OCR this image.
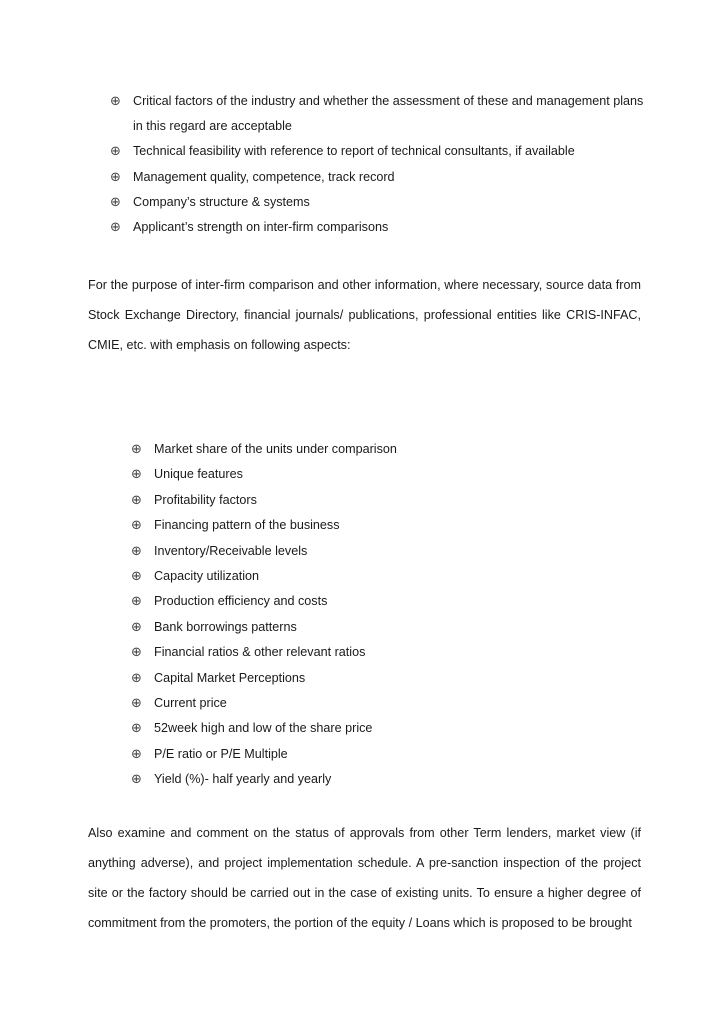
⊕ Critical factors of the industry and whether the assessment of these and management plans in this regard are acceptable
⊕ Technical feasibility with reference to report of technical consultants, if available
⊕ Management quality, competence, track record
⊕ Company’s structure & systems
⊕ Applicant’s strength on inter-firm comparisons

For the purpose of inter-firm comparison and other information, where necessary, source data from Stock Exchange Directory, financial journals/ publications, professional entities like CRIS-INFAC, CMIE, etc. with emphasis on following aspects:

⊕ Market share of the units under comparison
⊕ Unique features
⊕ Profitability factors
⊕ Financing pattern of the business
⊕ Inventory/Receivable levels
⊕ Capacity utilization
⊕ Production efficiency and costs
⊕ Bank borrowings patterns
⊕ Financial ratios & other relevant ratios
⊕ Capital Market Perceptions
⊕ Current price
⊕ 52week high and low of the share price
⊕ P/E ratio or P/E Multiple
⊕ Yield (%)- half yearly and yearly

Also examine and comment on the status of approvals from other Term lenders, market view (if anything adverse), and project implementation schedule. A pre-sanction inspection of the project site or the factory should be carried out in the case of existing units. To ensure a higher degree of commitment from the promoters, the portion of the equity / Loans which is proposed to be brought
